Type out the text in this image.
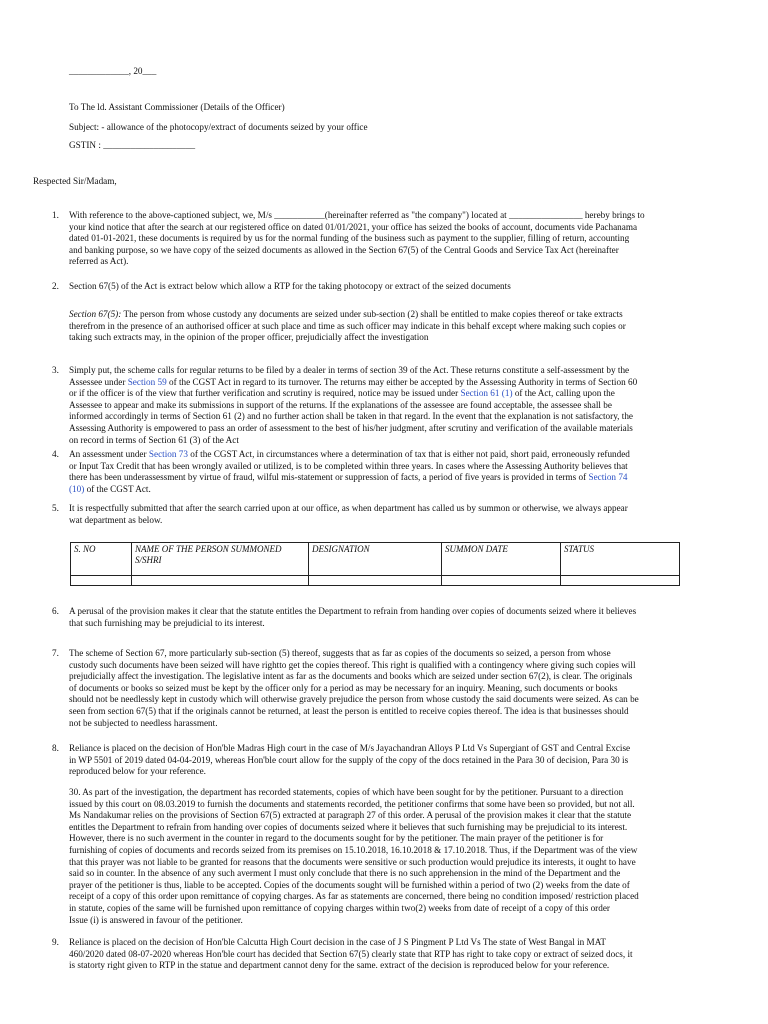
_____________, 20___
To The ld. Assistant Commissioner (Details of the Officer)
Subject: - allowance of the photocopy/extract of documents seized by your office
GSTIN : ____________________
Respected Sir/Madam,
1. With reference to the above-captioned subject, we, M/s ___________(hereinafter referred as "the company") located at ________________ hereby brings to
your kind notice that after the search at our registered office on dated 01/01/2021, your office has seized the books of account, documents vide Pachanama
dated 01-01-2021, these documents is required by us for the normal funding of the business such as payment to the supplier, filling of return, accounting
and banking purpose, so we have copy of the seized documents as allowed in the Section 67(5) of the Central Goods and Service Tax Act (hereinafter
referred as Act).
2. Section 67(5) of the Act is extract below which allow a RTP for the taking photocopy or extract of the seized documents
Section 67(5): The person from whose custody any documents are seized under sub-section (2) shall be entitled to make copies thereof or take extracts
therefrom in the presence of an authorised officer at such place and time as such officer may indicate in this behalf except where making such copies or
taking such extracts may, in the opinion of the proper officer, prejudicially affect the investigation
3. Simply put, the scheme calls for regular returns to be filed by a dealer in terms of section 39 of the Act. These returns constitute a self-assessment by the
Assessee under Section 59 of the CGST Act in regard to its turnover. The returns may either be accepted by the Assessing Authority in terms of Section 60
or if the officer is of the view that further verification and scrutiny is required, notice may be issued under Section 61 (1) of the Act, calling upon the
Assessee to appear and make its submissions in support of the returns. If the explanations of the assessee are found acceptable, the assessee shall be
informed accordingly in terms of Section 61 (2) and no further action shall be taken in that regard. In the event that the explanation is not satisfactory, the
Assessing Authority is empowered to pass an order of assessment to the best of his/her judgment, after scrutiny and verification of the available materials
on record in terms of Section 61 (3) of the Act
4. An assessment under Section 73 of the CGST Act, in circumstances where a determination of tax that is either not paid, short paid, erroneously refunded
or Input Tax Credit that has been wrongly availed or utilized, is to be completed within three years. In cases where the Assessing Authority believes that
there has been underassessment by virtue of fraud, wilful mis-statement or suppression of facts, a period of five years is provided in terms of Section 74
(10) of the CGST Act.
5. It is respectfully submitted that after the search carried upon at our office, as when department has called us by summon or otherwise, we always appear
wat department as below.
S. NO	NAME OF THE PERSON SUMMONED S/SHRI	DESIGNATION	SUMMON DATE	STATUS

6. A perusal of the provision makes it clear that the statute entitles the Department to refrain from handing over copies of documents seized where it believes
that such furnishing may be prejudicial to its interest.
7. The scheme of Section 67, more particularly sub-section (5) thereof, suggests that as far as copies of the documents so seized, a person from whose
custody such documents have been seized will have rightto get the copies thereof. This right is qualified with a contingency where giving such copies will
prejudicially affect the investigation. The legislative intent as far as the documents and books which are seized under section 67(2), is clear. The originals
of documents or books so seized must be kept by the officer only for a period as may be necessary for an inquiry. Meaning, such documents or books
should not be needlessly kept in custody which will otherwise gravely prejudice the person from whose custody the said documents were seized. As can be
seen from section 67(5) that if the originals cannot be returned, at least the person is entitled to receive copies thereof. The idea is that businesses should
not be subjected to needless harassment.
8. Reliance is placed on the decision of Hon'ble Madras High court in the case of M/s Jayachandran Alloys P Ltd Vs Supergiant of GST and Central Excise
in WP 5501 of 2019 dated 04-04-2019, whereas Hon'ble court allow for the supply of the copy of the docs retained in the Para 30 of decision, Para 30 is
reproduced below for your reference.
30. As part of the investigation, the department has recorded statements, copies of which have been sought for by the petitioner. Pursuant to a direction
issued by this court on 08.03.2019 to furnish the documents and statements recorded, the petitioner confirms that some have been so provided, but not all.
Ms Nandakumar relies on the provisions of Section 67(5) extracted at paragraph 27 of this order. A perusal of the provision makes it clear that the statute
entitles the Department to refrain from handing over copies of documents seized where it believes that such furnishing may be prejudicial to its interest.
However, there is no such averment in the counter in regard to the documents sought for by the petitioner. The main prayer of the petitioner is for
furnishing of copies of documents and records seized from its premises on 15.10.2018, 16.10.2018 & 17.10.2018. Thus, if the Department was of the view
that this prayer was not liable to be granted for reasons that the documents were sensitive or such production would prejudice its interests, it ought to have
said so in counter. In the absence of any such averment I must only conclude that there is no such apprehension in the mind of the Department and the
prayer of the petitioner is thus, liable to be accepted. Copies of the documents sought will be furnished within a period of two (2) weeks from the date of
receipt of a copy of this order upon remittance of copying charges. As far as statements are concerned, there being no condition imposed/ restriction placed
in statute, copies of the same will be furnished upon remittance of copying charges within two(2) weeks from date of receipt of a copy of this order
Issue (i) is answered in favour of the petitioner.
9. Reliance is placed on the decision of Hon'ble Calcutta High Court decision in the case of J S Pingment P Ltd Vs The state of West Bangal in MAT
460/2020 dated 08-07-2020 whereas Hon'ble court has decided that Section 67(5) clearly state that RTP has right to take copy or extract of seized docs, it
is statorty right given to RTP in the statue and department cannot deny for the same. extract of the decision is reproduced below for your reference.
